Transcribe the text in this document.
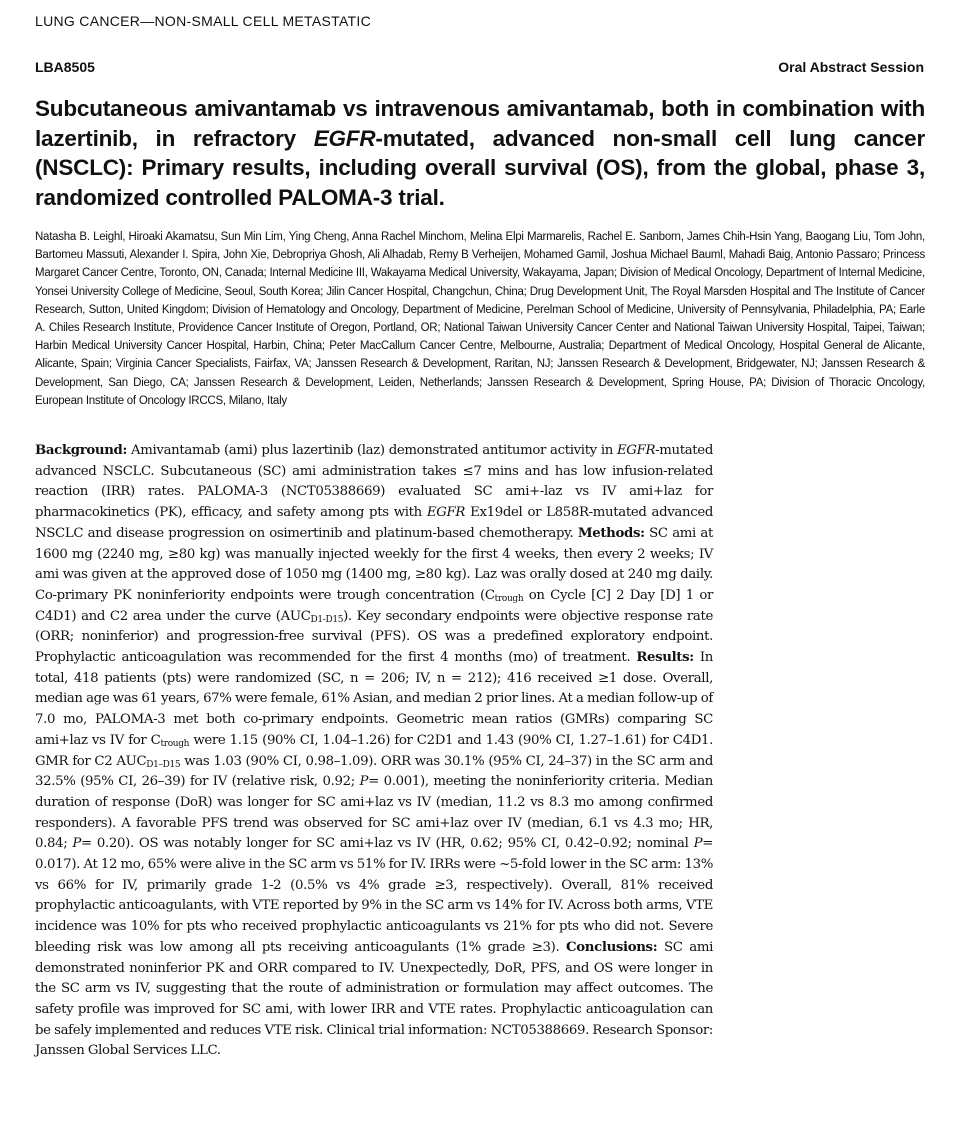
LUNG CANCER—NON-SMALL CELL METASTATIC
LBA8505	Oral Abstract Session
Subcutaneous amivantamab vs intravenous amivantamab, both in combination with lazertinib, in refractory EGFR-mutated, advanced non-small cell lung cancer (NSCLC): Primary results, including overall survival (OS), from the global, phase 3, randomized controlled PALOMA-3 trial.

Natasha B. Leighl, Hiroaki Akamatsu, Sun Min Lim, Ying Cheng, Anna Rachel Minchom, Melina Elpi Marmarelis, Rachel E. Sanborn, James Chih-Hsin Yang, Baogang Liu, Tom John, Bartomeu Massuti, Alexander I. Spira, John Xie, Debropriya Ghosh, Ali Alhadab, Remy B Verheijen, Mohamed Gamil, Joshua Michael Bauml, Mahadi Baig, Antonio Passaro; Princess Margaret Cancer Centre, Toronto, ON, Canada; Internal Medicine III, Wakayama Medical University, Wakayama, Japan; Division of Medical Oncology, Department of Internal Medicine, Yonsei University College of Medicine, Seoul, South Korea; Jilin Cancer Hospital, Changchun, China; Drug Development Unit, The Royal Marsden Hospital and The Institute of Cancer Research, Sutton, United Kingdom; Division of Hematology and Oncology, Department of Medicine, Perelman School of Medicine, University of Pennsylvania, Philadelphia, PA; Earle A. Chiles Research Institute, Providence Cancer Institute of Oregon, Portland, OR; National Taiwan University Cancer Center and National Taiwan University Hospital, Taipei, Taiwan; Harbin Medical University Cancer Hospital, Harbin, China; Peter MacCallum Cancer Centre, Melbourne, Australia; Department of Medical Oncology, Hospital General de Alicante, Alicante, Spain; Virginia Cancer Specialists, Fairfax, VA; Janssen Research & Development, Raritan, NJ; Janssen Research & Development, Bridgewater, NJ; Janssen Research & Development, San Diego, CA; Janssen Research & Development, Leiden, Netherlands; Janssen Research & Development, Spring House, PA; Division of Thoracic Oncology, European Institute of Oncology IRCCS, Milano, Italy

Background: Amivantamab (ami) plus lazertinib (laz) demonstrated antitumor activity in EGFR-mutated advanced NSCLC. Subcutaneous (SC) ami administration takes ≤7 mins and has low infusion-related reaction (IRR) rates. PALOMA-3 (NCT05388669) evaluated SC ami+-laz vs IV ami+laz for pharmacokinetics (PK), efficacy, and safety among pts with EGFR Ex19del or L858R-mutated advanced NSCLC and disease progression on osimertinib and platinum-based chemotherapy. Methods: SC ami at 1600 mg (2240 mg, ≥80 kg) was manually injected weekly for the first 4 weeks, then every 2 weeks; IV ami was given at the approved dose of 1050 mg (1400 mg, ≥80 kg). Laz was orally dosed at 240 mg daily. Co-primary PK noninferiority endpoints were trough concentration ($C_{trough}$ on Cycle [C] 2 Day [D] 1 or C4D1) and C2 area under the curve $(AUC_{D1-D15})$. Key secondary endpoints were objective response rate (ORR; noninferior) and progression-free survival (PFS). OS was a predefined exploratory endpoint. Prophylactic anticoagulation was recommended for the first 4 months (mo) of treatment. Results: In total, 418 patients (pts) were randomized (SC, n = 206; IV, n = 212); 416 received ≥1 dose. Overall, median age was 61 years, 67% were female, 61% Asian, and median 2 prior lines. At a median follow-up of 7.0 mo, PALOMA-3 met both co-primary endpoints. Geometric mean ratios (GMRs) comparing SC ami+laz vs IV for $C_{trough}$ were 1.15 (90% CI, 1.04–1.26) for C2D1 and 1.43 (90% CI, 1.27–1.61) for C4D1. GMR for C2 $AUC_{D1-D15}$ was 1.03 (90% CI, 0.98–1.09). ORR was 30.1% (95% CI, 24–37) in the SC arm and 32.5% (95% CI, 26–39) for IV (relative risk, 0.92; P= 0.001), meeting the noninferiority criteria. Median duration of response (DoR) was longer for SC ami+laz vs IV (median, 11.2 vs 8.3 mo among confirmed responders). A favorable PFS trend was observed for SC ami+laz over IV (median, 6.1 vs 4.3 mo; HR, 0.84; P= 0.20). OS was notably longer for SC ami+laz vs IV (HR, 0.62; 95% CI, 0.42–0.92; nominal P= 0.017). At 12 mo, 65% were alive in the SC arm vs 51% for IV. IRRs were ~5-fold lower in the SC arm: 13% vs 66% for IV, primarily grade 1-2 (0.5% vs 4% grade ≥3, respectively). Overall, 81% received prophylactic anticoagulants, with VTE reported by 9% in the SC arm vs 14% for IV. Across both arms, VTE incidence was 10% for pts who received prophylactic anticoagulants vs 21% for pts who did not. Severe bleeding risk was low among all pts receiving anticoagulants (1% grade ≥3). Conclusions: SC ami demonstrated noninferior PK and ORR compared to IV. Unexpectedly, DoR, PFS, and OS were longer in the SC arm vs IV, suggesting that the route of administration or formulation may affect outcomes. The safety profile was improved for SC ami, with lower IRR and VTE rates. Prophylactic anticoagulation can be safely implemented and reduces VTE risk. Clinical trial information: NCT05388669. Research Sponsor: Janssen Global Services LLC.
